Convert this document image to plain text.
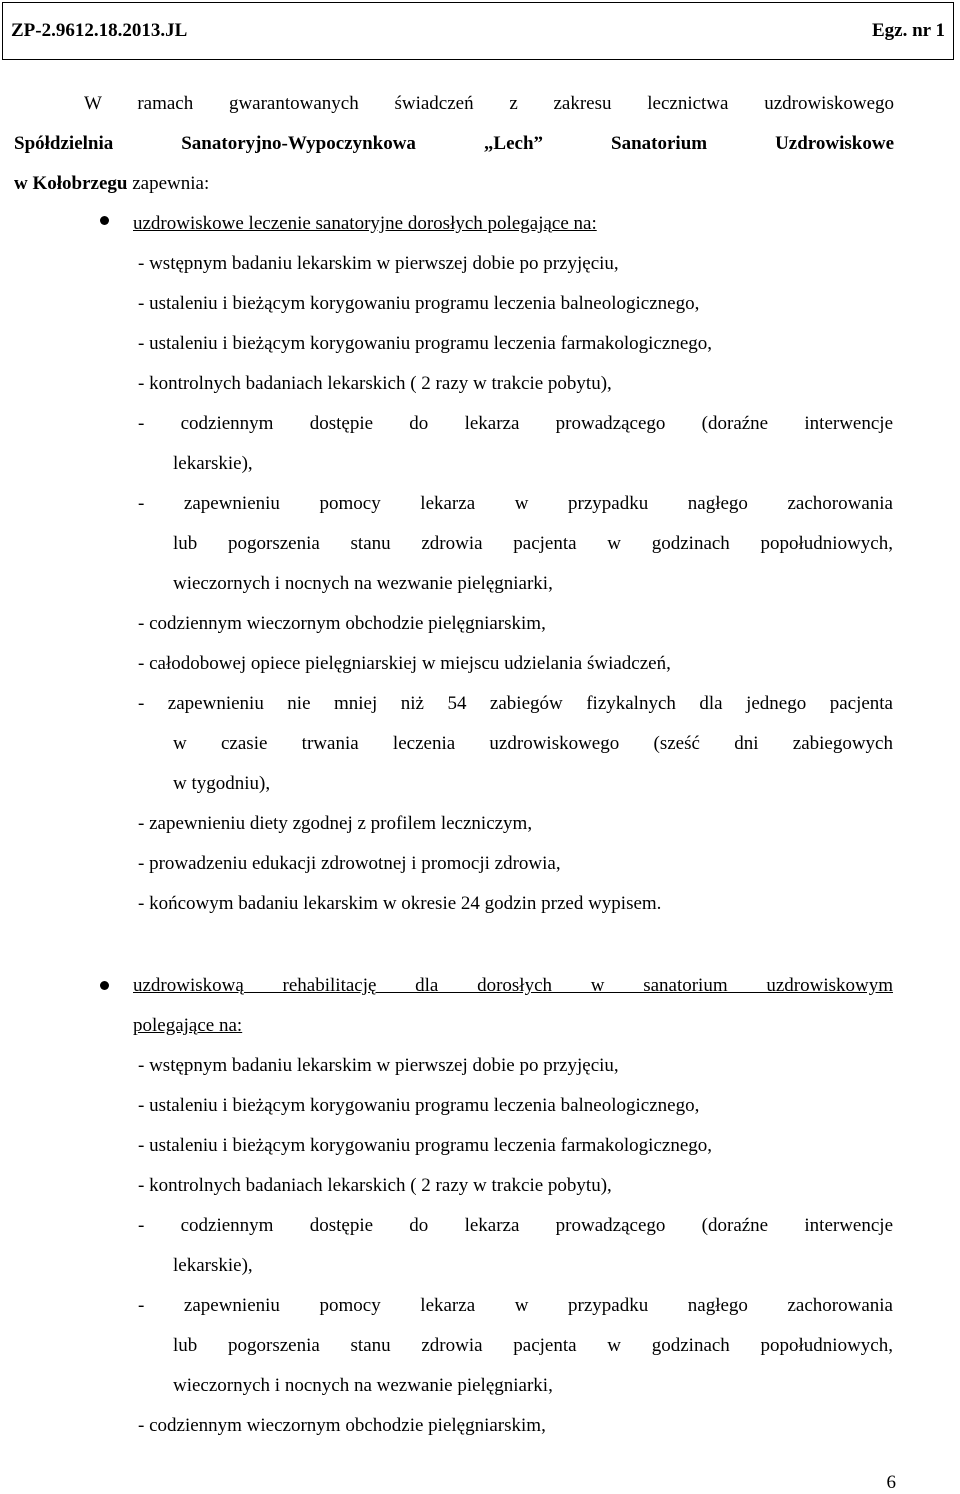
ZP-2.9612.18.2013.JL	Egz. nr 1
W ramach gwarantowanych świadczeń z zakresu lecznictwa uzdrowiskowego
Spółdzielnia Sanatoryjno-Wypoczynkowa „Lech” Sanatorium Uzdrowiskowe
w Kołobrzegu zapewnia:
uzdrowiskowe leczenie sanatoryjne dorosłych polegające na:
- wstępnym badaniu lekarskim w pierwszej dobie po przyjęciu,
- ustaleniu i bieżącym korygowaniu programu leczenia balneologicznego,
- ustaleniu i bieżącym korygowaniu programu leczenia farmakologicznego,
- kontrolnych badaniach lekarskich ( 2 razy w trakcie pobytu),
- codziennym dostępie do lekarza prowadzącego (doraźne interwencje
lekarskie),
- zapewnieniu pomocy lekarza w przypadku nagłego zachorowania
lub pogorszenia stanu zdrowia pacjenta w godzinach popołudniowych,
wieczornych i nocnych na wezwanie pielęgniarki,
- codziennym wieczornym obchodzie pielęgniarskim,
- całodobowej opiece pielęgniarskiej w miejscu udzielania świadczeń,
- zapewnieniu nie mniej niż 54 zabiegów fizykalnych dla jednego pacjenta
w czasie trwania leczenia uzdrowiskowego (sześć dni zabiegowych
w tygodniu),
- zapewnieniu diety zgodnej z profilem leczniczym,
- prowadzeniu edukacji zdrowotnej i promocji zdrowia,
- końcowym badaniu lekarskim w okresie 24 godzin przed wypisem.
uzdrowiskową rehabilitację dla dorosłych w sanatorium uzdrowiskowym
polegające na:
- wstępnym badaniu lekarskim w pierwszej dobie po przyjęciu,
- ustaleniu i bieżącym korygowaniu programu leczenia balneologicznego,
- ustaleniu i bieżącym korygowaniu programu leczenia farmakologicznego,
- kontrolnych badaniach lekarskich ( 2 razy w trakcie pobytu),
- codziennym dostępie do lekarza prowadzącego (doraźne interwencje
lekarskie),
- zapewnieniu pomocy lekarza w przypadku nagłego zachorowania
lub pogorszenia stanu zdrowia pacjenta w godzinach popołudniowych,
wieczornych i nocnych na wezwanie pielęgniarki,
- codziennym wieczornym obchodzie pielęgniarskim,
6
